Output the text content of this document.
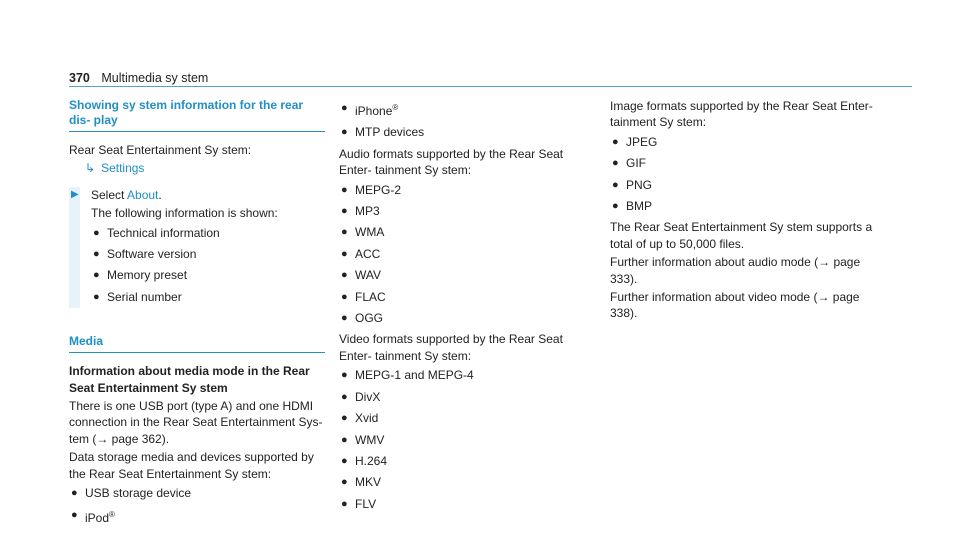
370 Multimedia sy stem
Showing sy stem information for the rear dis‐ play

Rear Seat Entertainment Sy stem:

↳ Settings

▶	Select About.

The following information is shown:

● Technical information
● Software version
● Memory preset
● Serial number
Media

Information about media mode in the Rear Seat Entertainment Sy stem

There is one USB port (type A) and one HDMI connection in the Rear Seat Entertainment Sys‐ tem (→ page 362).

Data storage media and devices supported by the Rear Seat Entertainment Sy stem:

● USB storage device
● iPod®
● iPhone®
● MTP devices

Audio formats supported by the Rear Seat Enter‐ tainment Sy stem:

● MEPG-2
● MP3
● WMA
● ACC
● WAV
● FLAC
● OGG

Video formats supported by the Rear Seat Enter‐ tainment Sy stem:

● MEPG-1 and MEPG-4
● DivX
● Xvid
● WMV
● H.264
● MKV
● FLV

Image formats supported by the Rear Seat Enter‐ tainment Sy stem:

● JPEG
● GIF
● PNG
● BMP

The Rear Seat Entertainment Sy stem supports a total of up to 50,000 files.

Further information about audio mode (→ page 333).

Further information about video mode (→ page 338).
